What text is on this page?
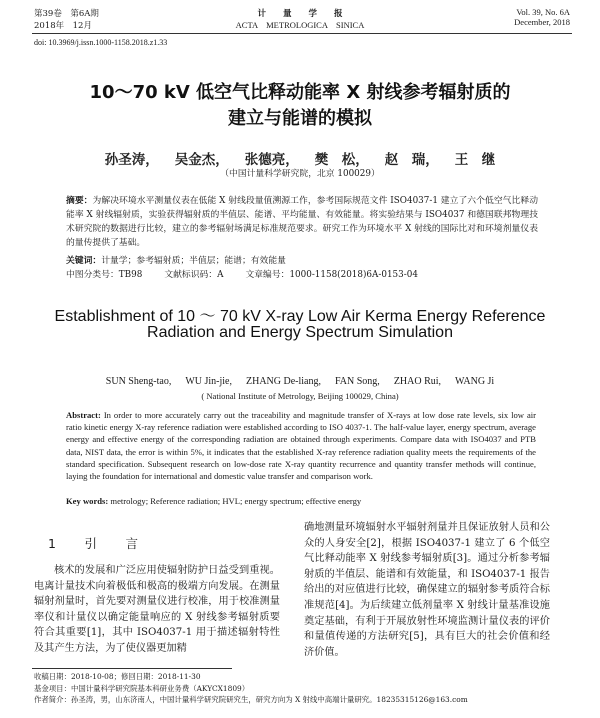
第39卷　第6A期
2018年　12月
计　　量　　学　　报
ACTA　METROLOGICA　SINICA
Vol. 39, No. 6A
December, 2018
doi: 10.3969/j.issn.1000-1158.2018.z1.33
10～70 kV 低空气比释动能率 X 射线参考辐射质的
建立与能谱的模拟
孙圣涛， 吴金杰， 张德亮， 樊　松， 赵　瑞， 王　继
（中国计量科学研究院，北京 100029）
摘要：为解决环境水平测量仪表在低能 X 射线段量值溯源工作，参考国际规范文件 ISO4037-1 建立了六个低空气比释动能率 X 射线辐射质，实验获得辐射质的半值层、能谱、平均能量、有效能量。将实验结果与 ISO4037 和德国联邦物理技术研究院的数据进行比较，建立的参考辐射场满足标准规范要求。研究工作为环境水平 X 射线的国际比对和环境剂量仪表的量传提供了基础。
关键词：计量学；参考辐射质；半值层；能谱；有效能量
中图分类号：TB98	文献标识码：A	文章编号：1000-1158(2018)6A-0153-04
Establishment of 10 ～ 70 kV X-ray Low Air Kerma Energy Reference
Radiation and Energy Spectrum Simulation
SUN Sheng-tao, WU Jin-jie, ZHANG De-liang, FAN Song, ZHAO Rui, WANG Ji
( National Institute of Metrology, Beijing 100029, China)
Abstract: In order to more accurately carry out the traceability and magnitude transfer of X-rays at low dose rate levels, six low air ratio kinetic energy X-ray reference radiation were established according to ISO 4037-1. The half-value layer, energy spectrum, average energy and effective energy of the corresponding radiation are obtained through experiments. Compare data with ISO4037 and PTB data, NIST data, the error is within 5%, it indicates that the established X-ray reference radiation quality meets the requirements of the standard specification. Subsequent research on low-dose rate X-ray quantity recurrence and quantity transfer methods will continue, laying the foundation for international and domestic value transfer and comparison work.
Key words: metrology; Reference radiation; HVL; energy spectrum; effective energy
1　引　言
核术的发展和广泛应用使辐射防护日益受到重视。电离计量技术向着极低和极高的极端方向发展。在测量辐射剂量时，首先要对测量仪进行校准，用于校准测量率仪和计量仪以确定能量响应的 X 射线参考辐射质要符合其重要[1]，其中 ISO4037-1 用于描述辐射特性及其产生方法，为了使仪器更加精
确地测量环境辐射水平辐射剂量并且保证放射人员和公众的人身安全[2]，根据 ISO4037-1 建立了 6 个低空气比释动能率 X 射线参考辐射质[3]。通过分析参考辐射质的半值层、能谱和有效能量，和 ISO4037-1 报告给出的对应值进行比较，确保建立的辐射参考质符合标准规范[4]。为后续建立低剂量率 X 射线计量基准设施奠定基础，有利于开展放射性环境监测计量仪表的评价和量值传递的方法研究[5]，具有巨大的社会价值和经济价值。
收稿日期：2018-10-08；修回日期：2018-11-30
基金项目：中国计量科学研究院基本科研业务费（AKYCX1809）
作者简介：孙圣涛，男，山东济南人，中国计量科学研究院研究生，研究方向为 X 射线中高端计量研究。18235315126@163.com
